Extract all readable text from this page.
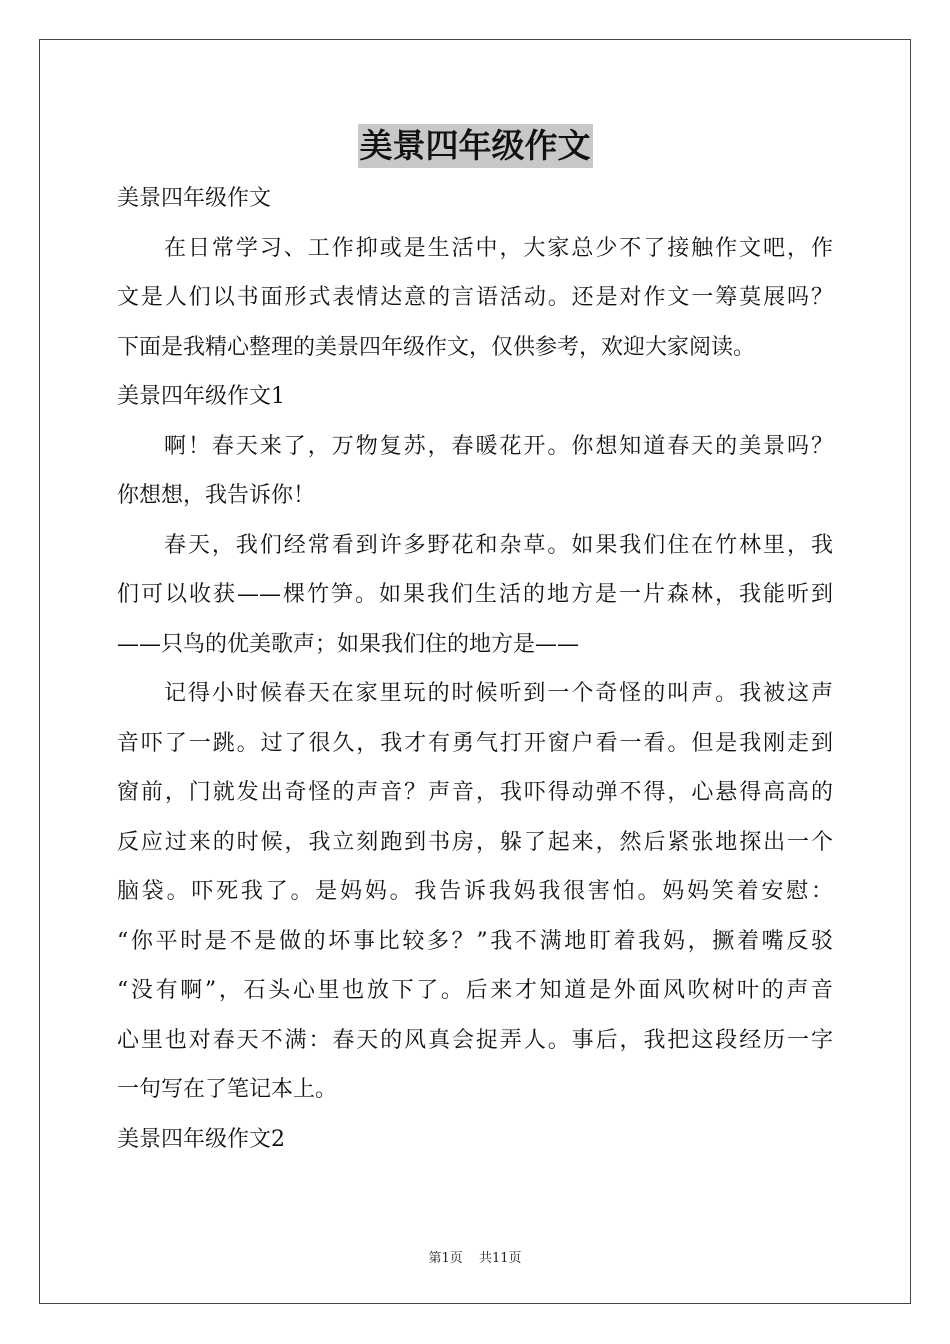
美景四年级作文
美景四年级作文
在日常学习、工作抑或是生活中，大家总少不了接触作文吧，作
文是人们以书面形式表情达意的言语活动。还是对作文一筹莫展吗？
下面是我精心整理的美景四年级作文，仅供参考，欢迎大家阅读。
美景四年级作文1
啊！春天来了，万物复苏，春暖花开。你想知道春天的美景吗？
你想想，我告诉你！
春天，我们经常看到许多野花和杂草。如果我们住在竹林里，我
们可以收获——棵竹笋。如果我们生活的地方是一片森林，我能听到
——只鸟的优美歌声；如果我们住的地方是——
记得小时候春天在家里玩的时候听到一个奇怪的叫声。我被这声
音吓了一跳。过了很久，我才有勇气打开窗户看一看。但是我刚走到
窗前，门就发出奇怪的声音？声音，我吓得动弹不得，心悬得高高的
反应过来的时候，我立刻跑到书房，躲了起来，然后紧张地探出一个
脑袋。吓死我了。是妈妈。我告诉我妈我很害怕。妈妈笑着安慰：
“你平时是不是做的坏事比较多？”我不满地盯着我妈，撅着嘴反驳
“没有啊”，石头心里也放下了。后来才知道是外面风吹树叶的声音
心里也对春天不满：春天的风真会捉弄人。事后，我把这段经历一字
一句写在了笔记本上。
美景四年级作文2
第1页 共11页
